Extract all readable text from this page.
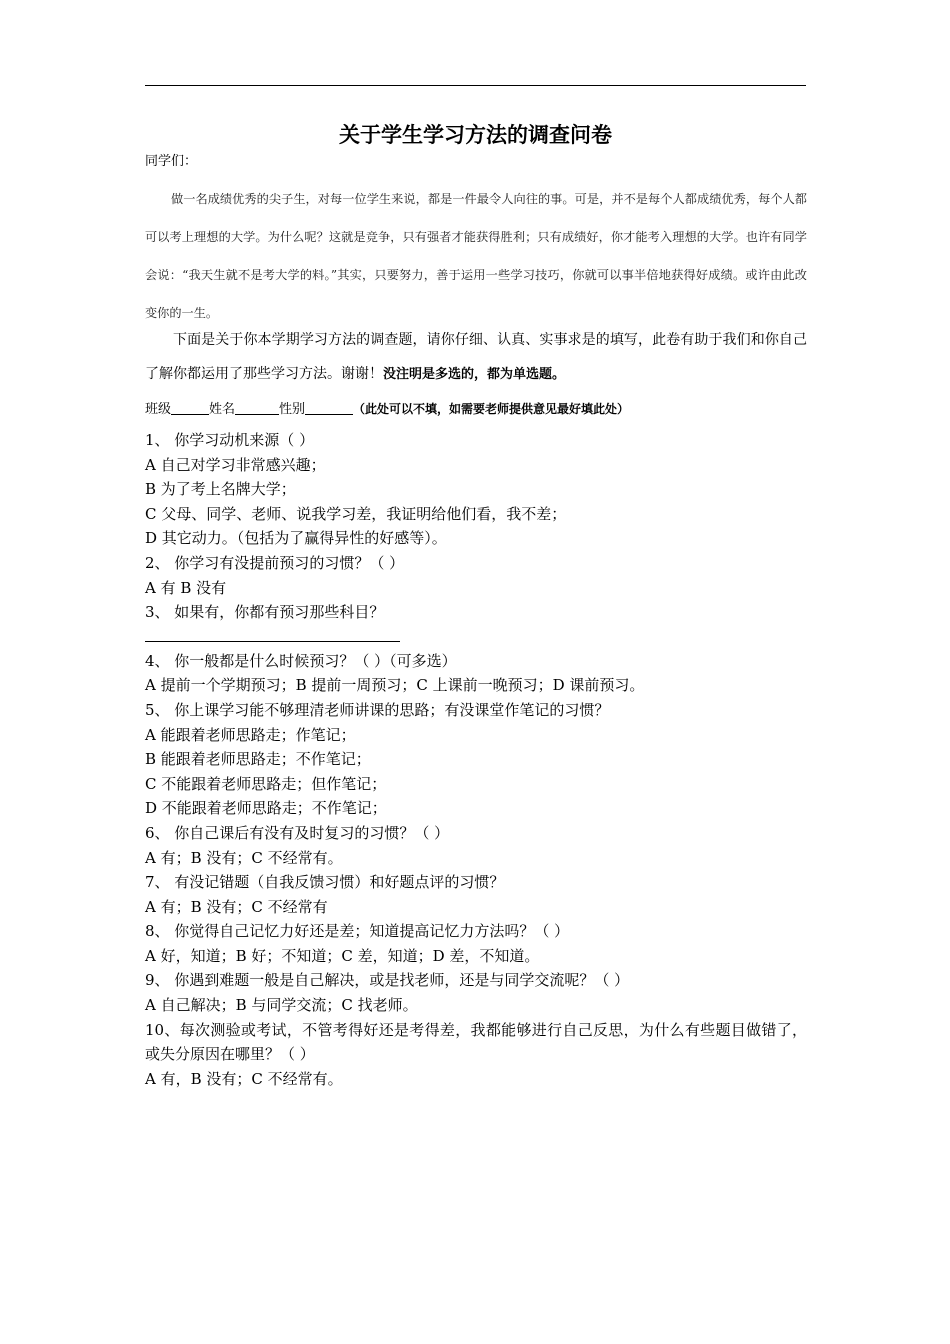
关于学生学习方法的调查问卷
同学们：
做一名成绩优秀的尖子生，对每一位学生来说，都是一件最令人向往的事。可是，并不是每个人都成绩优秀，每个人都可以考上理想的大学。为什么呢？这就是竞争，只有强者才能获得胜利；只有成绩好，你才能考入理想的大学。也许有同学会说：“我天生就不是考大学的料。”其实，只要努力，善于运用一些学习技巧，你就可以事半倍地获得好成绩。或许由此改变你的一生。
下面是关于你本学期学习方法的调查题，请你仔细、认真、实事求是的填写，此卷有助于我们和你自己了解你都运用了那些学习方法。谢谢！没注明是多选的，都为单选题。
班级	姓名	性别	（此处可以不填，如需要老师提供意见最好填此处）
1、 你学习动机来源（ ）
A 自己对学习非常感兴趣；
B 为了考上名牌大学；
C 父母、同学、老师、说我学习差，我证明给他们看，我不差；
D 其它动力。（包括为了赢得异性的好感等）。
2、 你学习有没提前预习的习惯？（ ）
A 有 B 没有
3、 如果有，你都有预习那些科目？
4、 你一般都是什么时候预习？（ ）（可多选）
A 提前一个学期预习；B 提前一周预习；C 上课前一晚预习；D 课前预习。
5、 你上课学习能不够理清老师讲课的思路；有没课堂作笔记的习惯？
A 能跟着老师思路走；作笔记；
B 能跟着老师思路走；不作笔记；
C 不能跟着老师思路走；但作笔记；
D 不能跟着老师思路走；不作笔记；
6、 你自己课后有没有及时复习的习惯？（ ）
A 有；B 没有；C 不经常有。
7、 有没记错题（自我反馈习惯）和好题点评的习惯？
A 有；B 没有；C 不经常有
8、 你觉得自己记忆力好还是差；知道提高记忆力方法吗？（ ）
A 好，知道；B 好；不知道；C 差，知道；D 差，不知道。
9、 你遇到难题一般是自己解决，或是找老师，还是与同学交流呢？（ ）
A 自己解决；B 与同学交流；C 找老师。
10、每次测验或考试，不管考得好还是考得差，我都能够进行自己反思，为什么有些题目做错了，或失分原因在哪里？（ ）
A 有，B 没有；C 不经常有。
